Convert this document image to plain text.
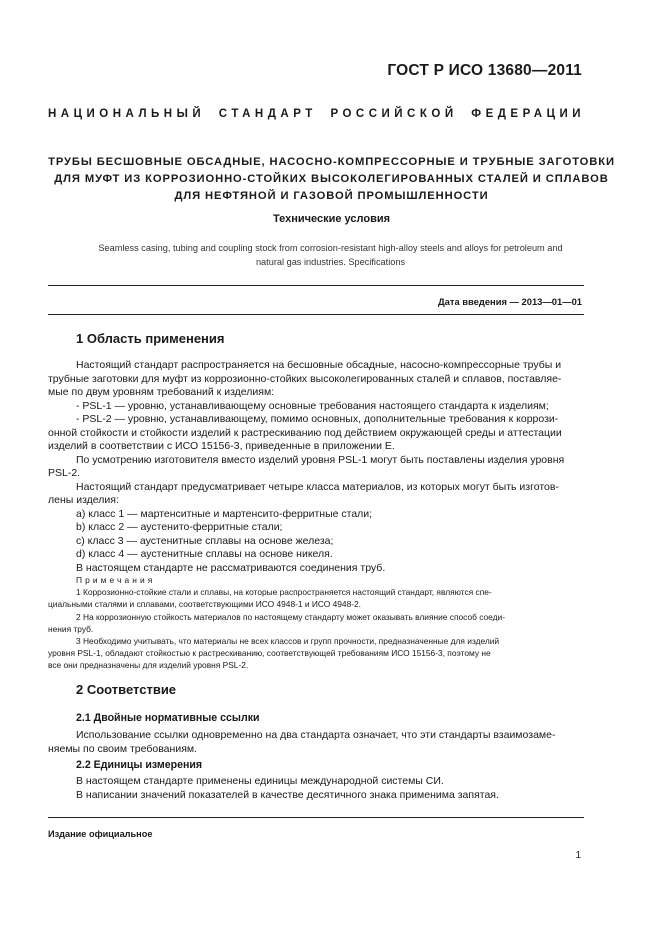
ГОСТ Р ИСО 13680—2011
НАЦИОНАЛЬНЫЙ СТАНДАРТ РОССИЙСКОЙ ФЕДЕРАЦИИ
ТРУБЫ БЕСШОВНЫЕ ОБСАДНЫЕ, НАСОСНО-КОМПРЕССОРНЫЕ И ТРУБНЫЕ ЗАГОТОВКИ
ДЛЯ МУФТ ИЗ КОРРОЗИОННО-СТОЙКИХ ВЫСОКОЛЕГИРОВАННЫХ СТАЛЕЙ И СПЛАВОВ
ДЛЯ НЕФТЯНОЙ И ГАЗОВОЙ ПРОМЫШЛЕННОСТИ
Технические условия
Seamless casing, tubing and coupling stock from corrosion-resistant high-alloy steels and alloys for petroleum and
natural gas industries. Specifications
Дата введения — 2013—01—01
1 Область применения
Настоящий стандарт распространяется на бесшовные обсадные, насосно-компрессорные трубы и
трубные заготовки для муфт из коррозионно-стойких высоколегированных сталей и сплавов, поставляе-
мые по двум уровням требований к изделиям:
- PSL-1 — уровню, устанавливающему основные требования настоящего стандарта к изделиям;
- PSL-2 — уровню, устанавливающему, помимо основных, дополнительные требования к коррози-
онной стойкости и стойкости изделий к растрескиванию под действием окружающей среды и аттестации
изделий в соответствии с ИСО 15156-3, приведенные в приложении Е.
По усмотрению изготовителя вместо изделий уровня PSL-1 могут быть поставлены изделия уровня
PSL-2.
Настоящий стандарт предусматривает четыре класса материалов, из которых могут быть изготов-
лены изделия:
a) класс 1 — мартенситные и мартенсито-ферритные стали;
b) класс 2 — аустенито-ферритные стали;
c) класс 3 — аустенитные сплавы на основе железа;
d) класс 4 — аустенитные сплавы на основе никеля.
В настоящем стандарте не рассматриваются соединения труб.
Примечания
1 Коррозионно-стойкие стали и сплавы, на которые распространяется настоящий стандарт, являются спе-
циальными сталями и сплавами, соответствующими ИСО 4948-1 и ИСО 4948-2.
2 На коррозионную стойкость материалов по настоящему стандарту может оказывать влияние способ соеди-
нения труб.
3 Необходимо учитывать, что материалы не всех классов и групп прочности, предназначенные для изделий
уровня PSL-1, обладают стойкостью к растрескиванию, соответствующей требованиям ИСО 15156-3, поэтому не
все они предназначены для изделий уровня PSL-2.
2 Соответствие
2.1 Двойные нормативные ссылки
Использование ссылки одновременно на два стандарта означает, что эти стандарты взаимозаме-
няемы по своим требованиям.
2.2 Единицы измерения
В настоящем стандарте применены единицы международной системы СИ.
В написании значений показателей в качестве десятичного знака применима запятая.
Издание официальное
1
